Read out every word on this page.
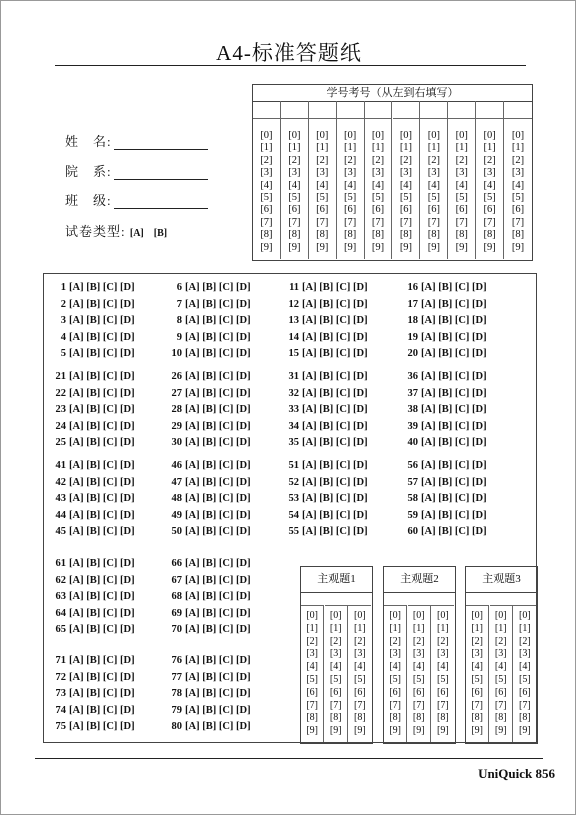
A4-标准答题纸
姓　名:
院　系:
班　级:
试卷类型: [A]　[B]
学号考号（从左到右填写）
[0]
[1]
[2]
[3]
[4]
[5]
[6]
[7]
[8]
[9]
[0]
[1]
[2]
[3]
[4]
[5]
[6]
[7]
[8]
[9]
[0]
[1]
[2]
[3]
[4]
[5]
[6]
[7]
[8]
[9]
[0]
[1]
[2]
[3]
[4]
[5]
[6]
[7]
[8]
[9]
[0]
[1]
[2]
[3]
[4]
[5]
[6]
[7]
[8]
[9]
[0]
[1]
[2]
[3]
[4]
[5]
[6]
[7]
[8]
[9]
[0]
[1]
[2]
[3]
[4]
[5]
[6]
[7]
[8]
[9]
[0]
[1]
[2]
[3]
[4]
[5]
[6]
[7]
[8]
[9]
[0]
[1]
[2]
[3]
[4]
[5]
[6]
[7]
[8]
[9]
[0]
[1]
[2]
[3]
[4]
[5]
[6]
[7]
[8]
[9]
1 [A] [B] [C] [D]
2 [A] [B] [C] [D]
3 [A] [B] [C] [D]
4 [A] [B] [C] [D]
5 [A] [B] [C] [D]
6 [A] [B] [C] [D]
7 [A] [B] [C] [D]
8 [A] [B] [C] [D]
9 [A] [B] [C] [D]
10 [A] [B] [C] [D]
11 [A] [B] [C] [D]
12 [A] [B] [C] [D]
13 [A] [B] [C] [D]
14 [A] [B] [C] [D]
15 [A] [B] [C] [D]
16 [A] [B] [C] [D]
17 [A] [B] [C] [D]
18 [A] [B] [C] [D]
19 [A] [B] [C] [D]
20 [A] [B] [C] [D]
21 [A] [B] [C] [D]
22 [A] [B] [C] [D]
23 [A] [B] [C] [D]
24 [A] [B] [C] [D]
25 [A] [B] [C] [D]
26 [A] [B] [C] [D]
27 [A] [B] [C] [D]
28 [A] [B] [C] [D]
29 [A] [B] [C] [D]
30 [A] [B] [C] [D]
31 [A] [B] [C] [D]
32 [A] [B] [C] [D]
33 [A] [B] [C] [D]
34 [A] [B] [C] [D]
35 [A] [B] [C] [D]
36 [A] [B] [C] [D]
37 [A] [B] [C] [D]
38 [A] [B] [C] [D]
39 [A] [B] [C] [D]
40 [A] [B] [C] [D]
41 [A] [B] [C] [D]
42 [A] [B] [C] [D]
43 [A] [B] [C] [D]
44 [A] [B] [C] [D]
45 [A] [B] [C] [D]
46 [A] [B] [C] [D]
47 [A] [B] [C] [D]
48 [A] [B] [C] [D]
49 [A] [B] [C] [D]
50 [A] [B] [C] [D]
51 [A] [B] [C] [D]
52 [A] [B] [C] [D]
53 [A] [B] [C] [D]
54 [A] [B] [C] [D]
55 [A] [B] [C] [D]
56 [A] [B] [C] [D]
57 [A] [B] [C] [D]
58 [A] [B] [C] [D]
59 [A] [B] [C] [D]
60 [A] [B] [C] [D]
61 [A] [B] [C] [D]
71 [A] [B] [C] [D]
62 [A] [B] [C] [D]
72 [A] [B] [C] [D]
63 [A] [B] [C] [D]
73 [A] [B] [C] [D]
64 [A] [B] [C] [D]
74 [A] [B] [C] [D]
65 [A] [B] [C] [D]
75 [A] [B] [C] [D]
66 [A] [B] [C] [D]
76 [A] [B] [C] [D]
67 [A] [B] [C] [D]
77 [A] [B] [C] [D]
68 [A] [B] [C] [D]
78 [A] [B] [C] [D]
69 [A] [B] [C] [D]
79 [A] [B] [C] [D]
70 [A] [B] [C] [D]
80 [A] [B] [C] [D]
主观题1
[0]
[1]
[2]
[3]
[4]
[5]
[6]
[7]
[8]
[9]
[0]
[1]
[2]
[3]
[4]
[5]
[6]
[7]
[8]
[9]
[0]
[1]
[2]
[3]
[4]
[5]
[6]
[7]
[8]
[9]
主观题2
[0]
[1]
[2]
[3]
[4]
[5]
[6]
[7]
[8]
[9]
[0]
[1]
[2]
[3]
[4]
[5]
[6]
[7]
[8]
[9]
[0]
[1]
[2]
[3]
[4]
[5]
[6]
[7]
[8]
[9]
主观题3
[0]
[1]
[2]
[3]
[4]
[5]
[6]
[7]
[8]
[9]
[0]
[1]
[2]
[3]
[4]
[5]
[6]
[7]
[8]
[9]
[0]
[1]
[2]
[3]
[4]
[5]
[6]
[7]
[8]
[9]
UniQuick 856
